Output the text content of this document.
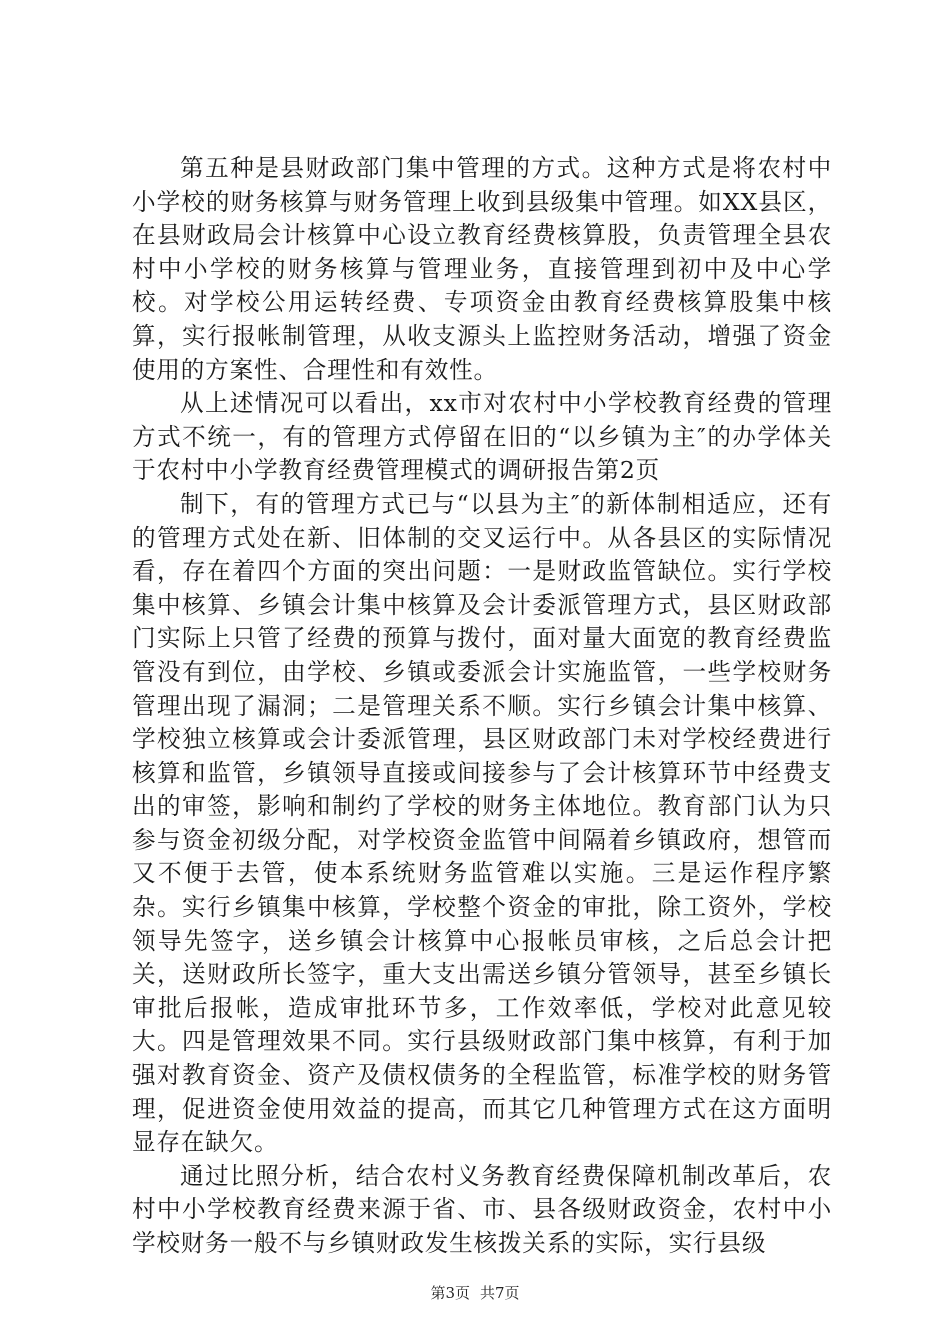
第五种是县财政部门集中管理的方式。这种方式是将农村中小学校的财务核算与财务管理上收到县级集中管理。如XX县区，在县财政局会计核算中心设立教育经费核算股，负责管理全县农村中小学校的财务核算与管理业务，直接管理到初中及中心学校。对学校公用运转经费、专项资金由教育经费核算股集中核算，实行报帐制管理，从收支源头上监控财务活动，增强了资金使用的方案性、合理性和有效性。

从上述情况可以看出，xx市对农村中小学校教育经费的管理方式不统一，有的管理方式停留在旧的“以乡镇为主″的办学体关于农村中小学教育经费管理模式的调研报告第2页

制下，有的管理方式已与“以县为主″的新体制相适应，还有的管理方式处在新、旧体制的交叉运行中。从各县区的实际情况看，存在着四个方面的突出问题：一是财政监管缺位。实行学校集中核算、乡镇会计集中核算及会计委派管理方式，县区财政部门实际上只管了经费的预算与拨付，面对量大面宽的教育经费监管没有到位，由学校、乡镇或委派会计实施监管，一些学校财务管理出现了漏洞；二是管理关系不顺。实行乡镇会计集中核算、学校独立核算或会计委派管理，县区财政部门未对学校经费进行核算和监管，乡镇领导直接或间接参与了会计核算环节中经费支出的审签，影响和制约了学校的财务主体地位。教育部门认为只参与资金初级分配，对学校资金监管中间隔着乡镇政府，想管而又不便于去管，使本系统财务监管难以实施。三是运作程序繁杂。实行乡镇集中核算，学校整个资金的审批，除工资外，学校领导先签字，送乡镇会计核算中心报帐员审核，之后总会计把关，送财政所长签字，重大支出需送乡镇分管领导，甚至乡镇长审批后报帐，造成审批环节多，工作效率低，学校对此意见较大。四是管理效果不同。实行县级财政部门集中核算，有利于加强对教育资金、资产及债权债务的全程监管，标准学校的财务管理，促进资金使用效益的提高，而其它几种管理方式在这方面明显存在缺欠。

通过比照分析，结合农村义务教育经费保障机制改革后，农村中小学校教育经费来源于省、市、县各级财政资金，农村中小学校财务一般不与乡镇财政发生核拨关系的实际，实行县级

第3页 共7页
